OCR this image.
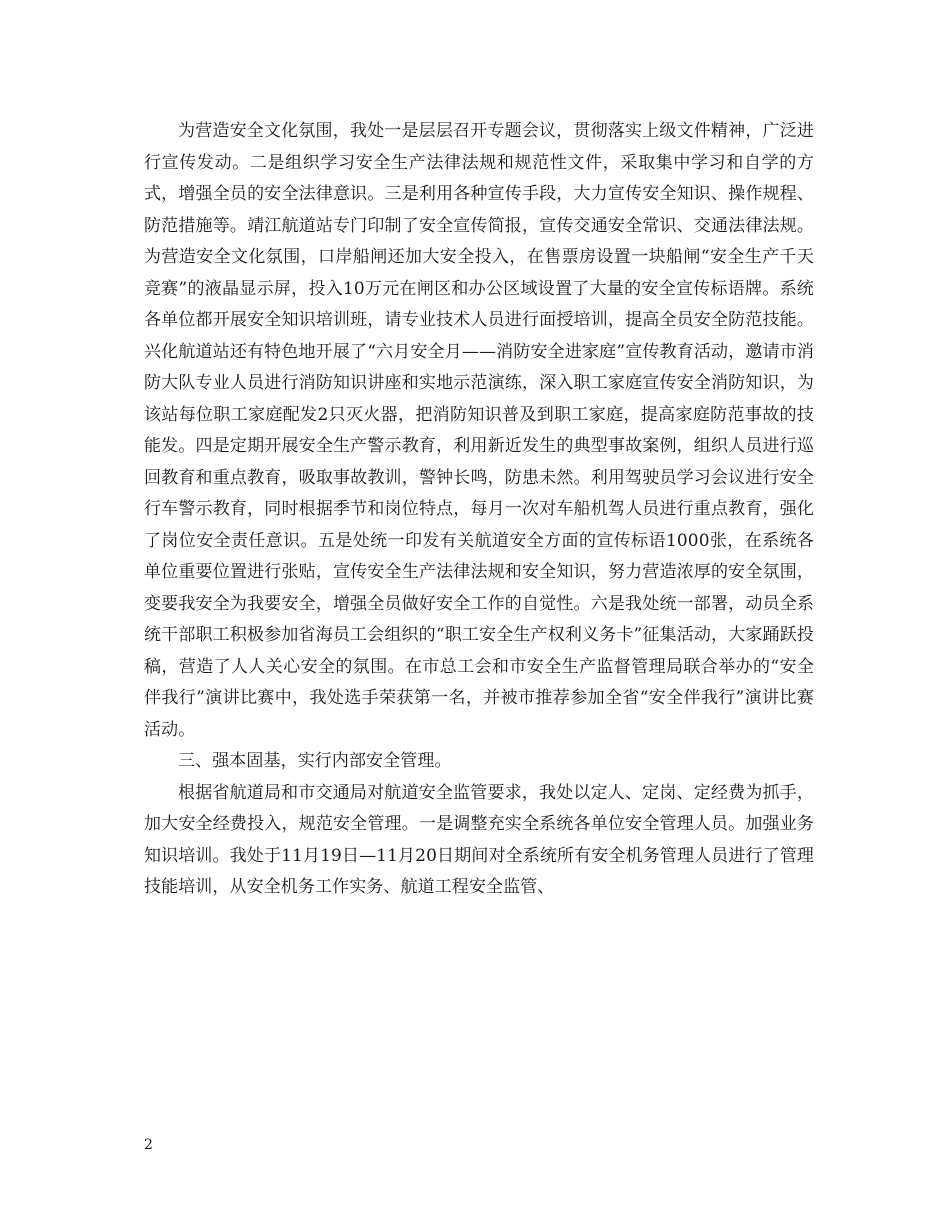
为营造安全文化氛围，我处一是层层召开专题会议，贯彻落实上级文件精神，广泛进行宣传发动。二是组织学习安全生产法律法规和规范性文件，采取集中学习和自学的方式，增强全员的安全法律意识。三是利用各种宣传手段，大力宣传安全知识、操作规程、防范措施等。靖江航道站专门印制了安全宣传简报，宣传交通安全常识、交通法律法规。为营造安全文化氛围，口岸船闸还加大安全投入，在售票房设置一块船闸“安全生产千天竞赛”的液晶显示屏，投入10万元在闸区和办公区域设置了大量的安全宣传标语牌。系统各单位都开展安全知识培训班，请专业技术人员进行面授培训，提高全员安全防范技能。兴化航道站还有特色地开展了“六月安全月——消防安全进家庭”宣传教育活动，邀请市消防大队专业人员进行消防知识讲座和实地示范演练，深入职工家庭宣传安全消防知识，为该站每位职工家庭配发2只灭火器，把消防知识普及到职工家庭，提高家庭防范事故的技能发。四是定期开展安全生产警示教育，利用新近发生的典型事故案例，组织人员进行巡回教育和重点教育，吸取事故教训，警钟长鸣，防患未然。利用驾驶员学习会议进行安全行车警示教育，同时根据季节和岗位特点，每月一次对车船机驾人员进行重点教育，强化了岗位安全责任意识。五是处统一印发有关航道安全方面的宣传标语1000张，在系统各单位重要位置进行张贴，宣传安全生产法律法规和安全知识，努力营造浓厚的安全氛围，变要我安全为我要安全，增强全员做好安全工作的自觉性。六是我处统一部署，动员全系统干部职工积极参加省海员工会组织的“职工安全生产权利义务卡”征集活动，大家踊跃投稿，营造了人人关心安全的氛围。在市总工会和市安全生产监督管理局联合举办的“安全伴我行”演讲比赛中，我处选手荣获第一名，并被市推荐参加全省“安全伴我行”演讲比赛活动。

三、强本固基，实行内部安全管理。

根据省航道局和市交通局对航道安全监管要求，我处以定人、定岗、定经费为抓手，加大安全经费投入，规范安全管理。一是调整充实全系统各单位安全管理人员。加强业务知识培训。我处于11月19日—11月20日期间对全系统所有安全机务管理人员进行了管理技能培训，从安全机务工作实务、航道工程安全监管、

2
